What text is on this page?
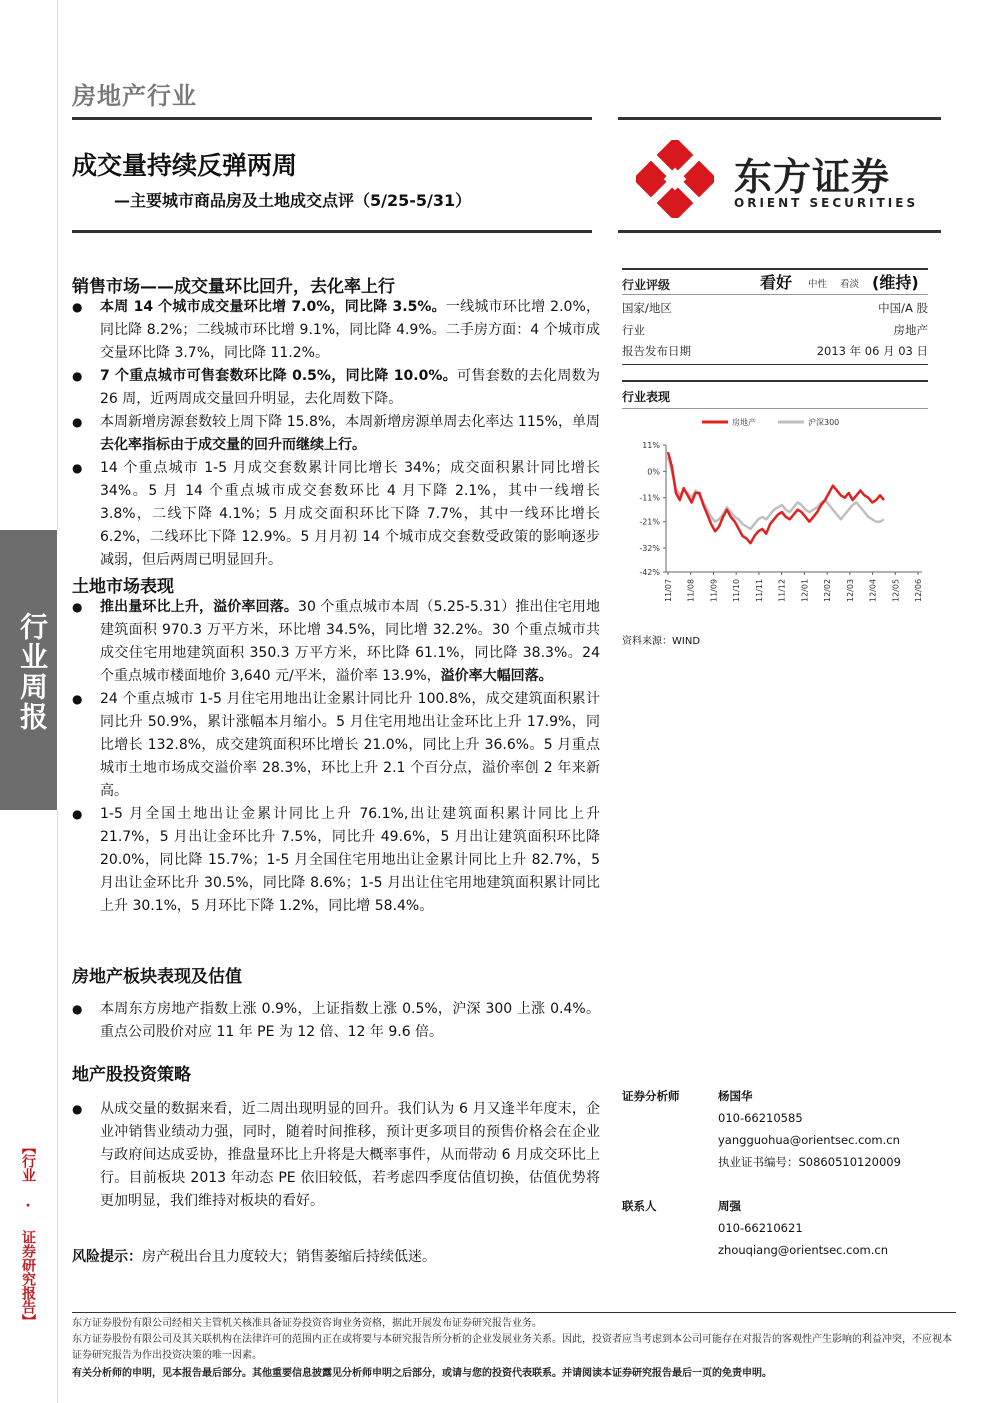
行业周报
【行业 · 证券研究报告】
房地产行业
成交量持续反弹两周
—主要城市商品房及土地成交点评（5/25-5/31）
东方证券
ORIENT SECURITIES
销售市场——成交量环比回升，去化率上行
● 本周 14 个城市成交量环比增 7.0%，同比降 3.5%。一线城市环比增 2.0%，同比降 8.2%；二线城市环比增 9.1%，同比降 4.9%。二手房方面：4 个城市成交量环比降 3.7%，同比降 11.2%。
● 7 个重点城市可售套数环比降 0.5%，同比降 10.0%。可售套数的去化周数为 26 周，近两周成交量回升明显，去化周数下降。
● 本周新增房源套数较上周下降 15.8%，本周新增房源单周去化率达 115%，单周去化率指标由于成交量的回升而继续上行。
● 14 个重点城市 1-5 月成交套数累计同比增长 34%；成交面积累计同比增长 34%。5 月 14 个重点城市成交套数环比 4 月下降 2.1%，其中一线增长 3.8%，二线下降 4.1%；5 月成交面积环比下降 7.7%，其中一线环比增长 6.2%，二线环比下降 12.9%。5 月月初 14 个城市成交套数受政策的影响逐步减弱，但后两周已明显回升。
土地市场表现
● 推出量环比上升，溢价率回落。30 个重点城市本周（5.25-5.31）推出住宅用地建筑面积 970.3 万平方米，环比增 34.5%，同比增 32.2%。30 个重点城市共成交住宅用地建筑面积 350.3 万平方米，环比降 61.1%，同比降 38.3%。24 个重点城市楼面地价 3,640 元/平米，溢价率 13.9%，溢价率大幅回落。
● 24 个重点城市 1-5 月住宅用地出让金累计同比升 100.8%，成交建筑面积累计同比升 50.9%，累计涨幅本月缩小。5 月住宅用地出让金环比上升 17.9%，同比增长 132.8%，成交建筑面积环比增长 21.0%，同比上升 36.6%。5 月重点城市土地市场成交溢价率 28.3%，环比上升 2.1 个百分点，溢价率创 2 年来新高。
● 1-5 月全国土地出让金累计同比上升 76.1%,出让建筑面积累计同比上升 21.7%，5 月出让金环比升 7.5%，同比升 49.6%，5 月出让建筑面积环比降 20.0%，同比降 15.7%；1-5 月全国住宅用地出让金累计同比上升 82.7%，5 月出让金环比升 30.5%，同比降 8.6%；1-5 月出让住宅用地建筑面积累计同比上升 30.1%，5 月环比下降 1.2%，同比增 58.4%。
房地产板块表现及估值
● 本周东方房地产指数上涨 0.9%，上证指数上涨 0.5%，沪深 300 上涨 0.4%。重点公司股价对应 11 年 PE 为 12 倍、12 年 9.6 倍。
地产股投资策略
● 从成交量的数据来看，近二周出现明显的回升。我们认为 6 月又逢半年度末，企业冲销售业绩动力强，同时，随着时间推移，预计更多项目的预售价格会在企业与政府间达成妥协，推盘量环比上升将是大概率事件，从而带动 6 月成交环比上行。目前板块 2013 年动态 PE 依旧较低，若考虑四季度估值切换，估值优势将更加明显，我们维持对板块的看好。
风险提示：房产税出台且力度较大；销售萎缩后持续低迷。
行业评级	看好 中性 看淡 (维持)
国家/地区	中国/A 股
行业	房地产
报告发布日期	2013 年 06 月 03 日
行业表现
房地产	沪深300
11%
0%
-11%
-21%
-32%
-42%
11/07 11/08 11/09 11/10 11/11 11/12 12/01 12/02 12/03 12/04 12/05 12/06
资料来源：WIND
证券分析师	杨国华
010-66210585
yangguohua@orientsec.com.cn
执业证书编号：S0860510120009
联系人	周强
010-66210621
zhouqiang@orientsec.com.cn
东方证券股份有限公司经相关主管机关核准具备证券投资咨询业务资格，据此开展发布证券研究报告业务。
东方证券股份有限公司及其关联机构在法律许可的范围内正在或将要与本研究报告所分析的企业发展业务关系。因此，投资者应当考虑到本公司可能存在对报告的客观性产生影响的利益冲突，不应视本证券研究报告为作出投资决策的唯一因素。
有关分析师的申明，见本报告最后部分。其他重要信息披露见分析师申明之后部分，或请与您的投资代表联系。并请阅读本证券研究报告最后一页的免责申明。
